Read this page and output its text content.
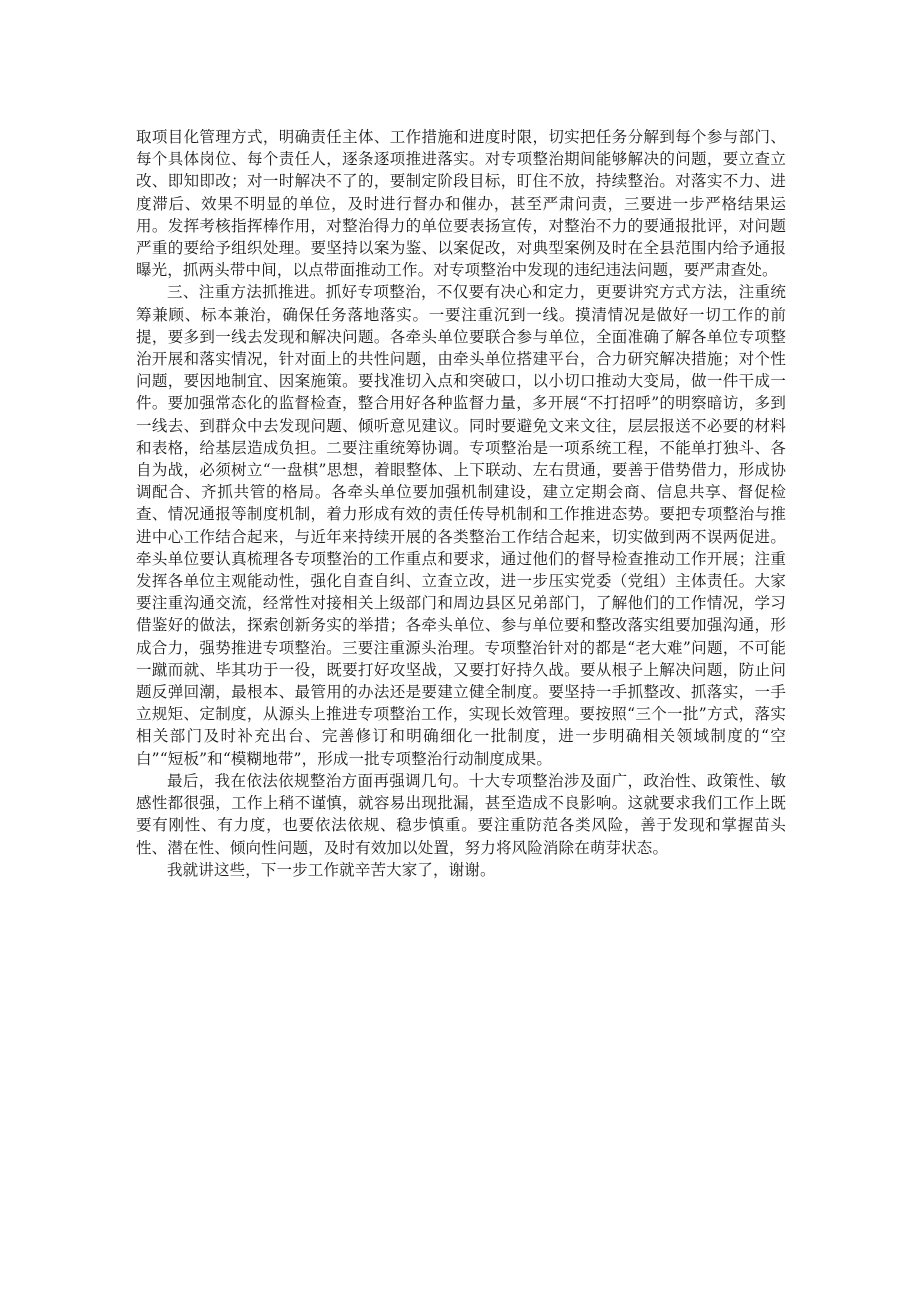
取项目化管理方式，明确责任主体、工作措施和进度时限，切实把任务分解到每个参与部门、每个具体岗位、每个责任人，逐条逐项推进落实。对专项整治期间能够解决的问题，要立查立改、即知即改；对一时解决不了的，要制定阶段目标，盯住不放，持续整治。对落实不力、进度滞后、效果不明显的单位，及时进行督办和催办，甚至严肃问责，三要进一步严格结果运用。发挥考核指挥棒作用，对整治得力的单位要表扬宣传，对整治不力的要通报批评，对问题严重的要给予组织处理。要坚持以案为鉴、以案促改，对典型案例及时在全县范围内给予通报曝光，抓两头带中间，以点带面推动工作。对专项整治中发现的违纪违法问题，要严肃查处。

三、注重方法抓推进。抓好专项整治，不仅要有决心和定力，更要讲究方式方法，注重统筹兼顾、标本兼治，确保任务落地落实。一要注重沉到一线。摸清情况是做好一切工作的前提，要多到一线去发现和解决问题。各牵头单位要联合参与单位，全面准确了解各单位专项整治开展和落实情况，针对面上的共性问题，由牵头单位搭建平台，合力研究解决措施；对个性问题，要因地制宜、因案施策。要找准切入点和突破口，以小切口推动大变局，做一件干成一件。要加强常态化的监督检查，整合用好各种监督力量，多开展“不打招呼”的明察暗访，多到一线去、到群众中去发现问题、倾听意见建议。同时要避免文来文往，层层报送不必要的材料和表格，给基层造成负担。二要注重统筹协调。专项整治是一项系统工程，不能单打独斗、各自为战，必须树立“一盘棋”思想，着眼整体、上下联动、左右贯通，要善于借势借力，形成协调配合、齐抓共管的格局。各牵头单位要加强机制建设，建立定期会商、信息共享、督促检查、情况通报等制度机制，着力形成有效的责任传导机制和工作推进态势。要把专项整治与推进中心工作结合起来，与近年来持续开展的各类整治工作结合起来，切实做到两不误两促进。牵头单位要认真梳理各专项整治的工作重点和要求，通过他们的督导检查推动工作开展；注重发挥各单位主观能动性，强化自查自纠、立查立改，进一步压实党委（党组）主体责任。大家要注重沟通交流，经常性对接相关上级部门和周边县区兄弟部门，了解他们的工作情况，学习借鉴好的做法，探索创新务实的举措；各牵头单位、参与单位要和整改落实组要加强沟通，形成合力，强势推进专项整治。三要注重源头治理。专项整治针对的都是“老大难”问题，不可能一蹴而就、毕其功于一役，既要打好攻坚战，又要打好持久战。要从根子上解决问题，防止问题反弹回潮，最根本、最管用的办法还是要建立健全制度。要坚持一手抓整改、抓落实，一手立规矩、定制度，从源头上推进专项整治工作，实现长效管理。要按照“三个一批”方式，落实相关部门及时补充出台、完善修订和明确细化一批制度，进一步明确相关领域制度的“空白”“短板”和“模糊地带”，形成一批专项整治行动制度成果。

最后，我在依法依规整治方面再强调几句。十大专项整治涉及面广，政治性、政策性、敏感性都很强，工作上稍不谨慎，就容易出现批漏，甚至造成不良影响。这就要求我们工作上既要有刚性、有力度，也要依法依规、稳步慎重。要注重防范各类风险，善于发现和掌握苗头性、潜在性、倾向性问题，及时有效加以处置，努力将风险消除在萌芽状态。

我就讲这些，下一步工作就辛苦大家了，谢谢。
